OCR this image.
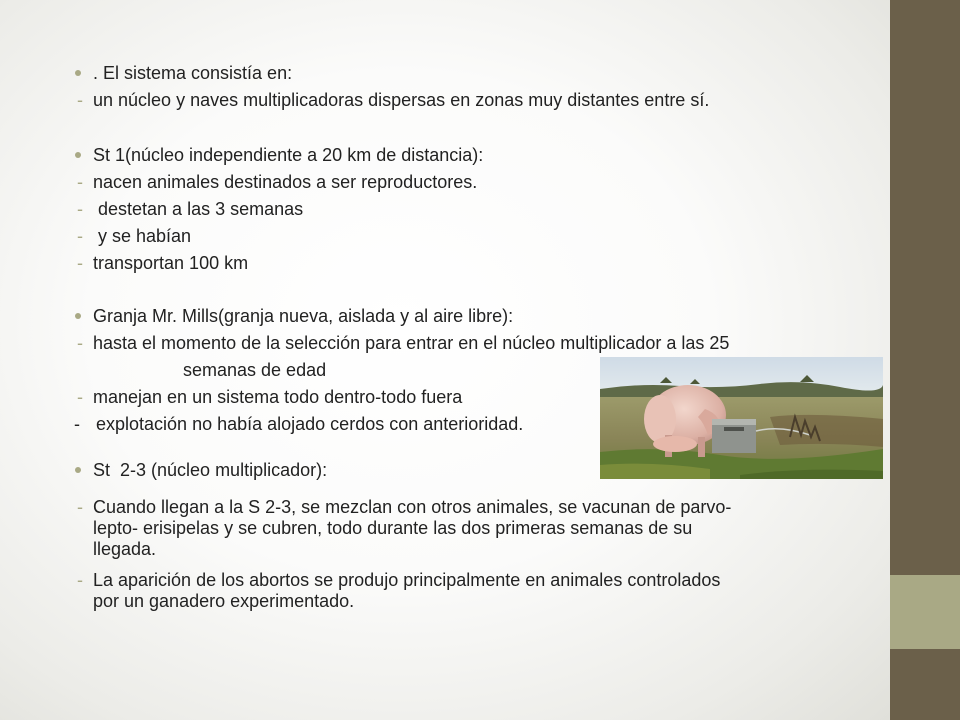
. El sistema consistía en:
- un núcleo y naves multiplicadoras dispersas en zonas muy distantes entre sí.
St 1(núcleo independiente a 20 km de distancia):
- nacen animales destinados a ser reproductores.
- destetan a las 3 semanas
- y se habían
- transportan 100 km
Granja Mr. Mills(granja nueva, aislada y al aire libre):
- hasta el momento de la selección para entrar en el núcleo multiplicador a las 25
semanas de edad
- manejan en un sistema todo dentro-todo fuera
- explotación no había alojado cerdos con anterioridad.
St  2-3 (núcleo multiplicador):
- Cuando llegan a la S 2-3, se mezclan con otros animales, se vacunan de parvo-
lepto- erisipelas y se cubren, todo durante las dos primeras semanas de su
llegada.
- La aparición de los abortos se produjo principalmente en animales controlados
por un ganadero experimentado.
